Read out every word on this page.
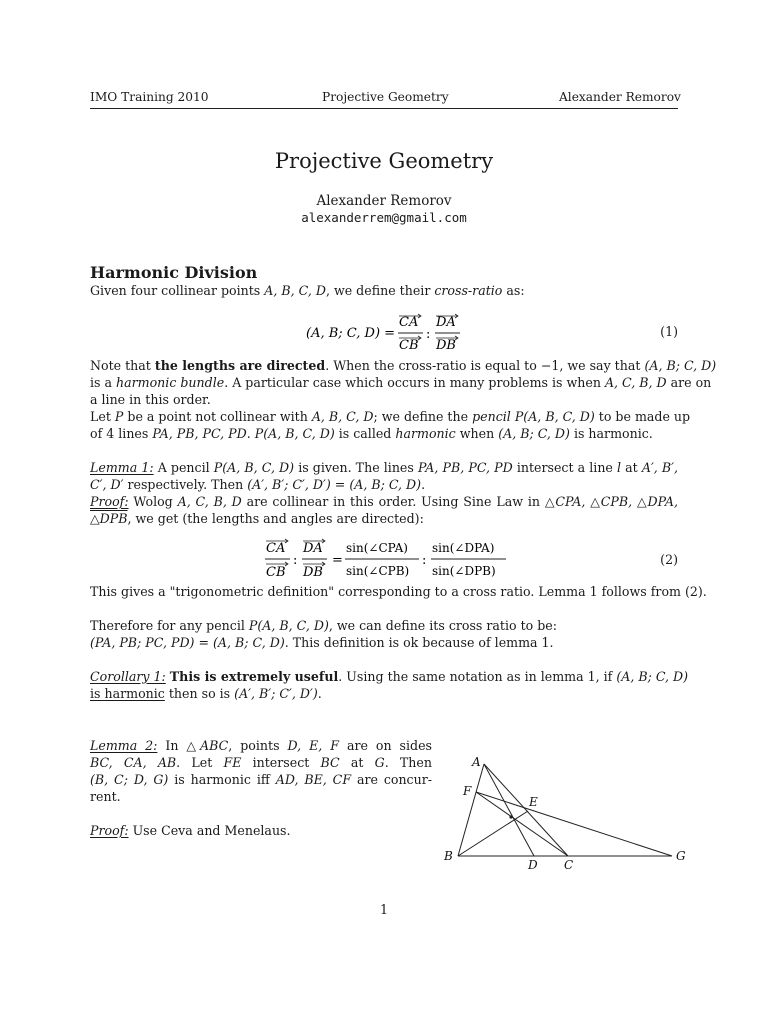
IMO Training 2010	Projective Geometry	Alexander Remorov
Projective Geometry
Alexander Remorov
alexanderrem@gmail.com
Harmonic Division
Given four collinear points A, B, C, D, we define their cross-ratio as:
(A, B; C, D) =
CA
CB
:
DA
DB
(1)
Note that the lengths are directed. When the cross-ratio is equal to −1, we say that (A, B; C, D)
is a harmonic bundle. A particular case which occurs in many problems is when A, C, B, D are on
a line in this order.
Let P be a point not collinear with A, B, C, D; we define the pencil P(A, B, C, D) to be made up
of 4 lines PA, PB, PC, PD. P(A, B, C, D) is called harmonic when (A, B; C, D) is harmonic.
Lemma 1: A pencil P(A, B, C, D) is given. The lines PA, PB, PC, PD intersect a line l at A′, B′,
C′, D′ respectively. Then (A′, B′; C′, D′) = (A, B; C, D).
Proof: Wolog A, C, B, D are collinear in this order. Using Sine Law in △CPA, △CPB, △DPA,
△DPB, we get (the lengths and angles are directed):
CA
CB
:
DA
DB
=
sin(∠CPA)
sin(∠CPB)
:
sin(∠DPA)
sin(∠DPB)
(2)
This gives a "trigonometric definition" corresponding to a cross ratio. Lemma 1 follows from (2).
Therefore for any pencil P(A, B, C, D), we can define its cross ratio to be:
(PA, PB; PC, PD) = (A, B; C, D). This definition is ok because of lemma 1.
Corollary 1: This is extremely useful. Using the same notation as in lemma 1, if (A, B; C, D)
is harmonic then so is (A′, B′; C′, D′).
Lemma 2: In △ABC, points D, E, F are on sides
BC, CA, AB. Let FE intersect BC at G. Then
(B, C; D, G) is harmonic iff AD, BE, CF are concur-
rent.
Proof: Use Ceva and Menelaus.
A
F
E
B
D C
G
1
